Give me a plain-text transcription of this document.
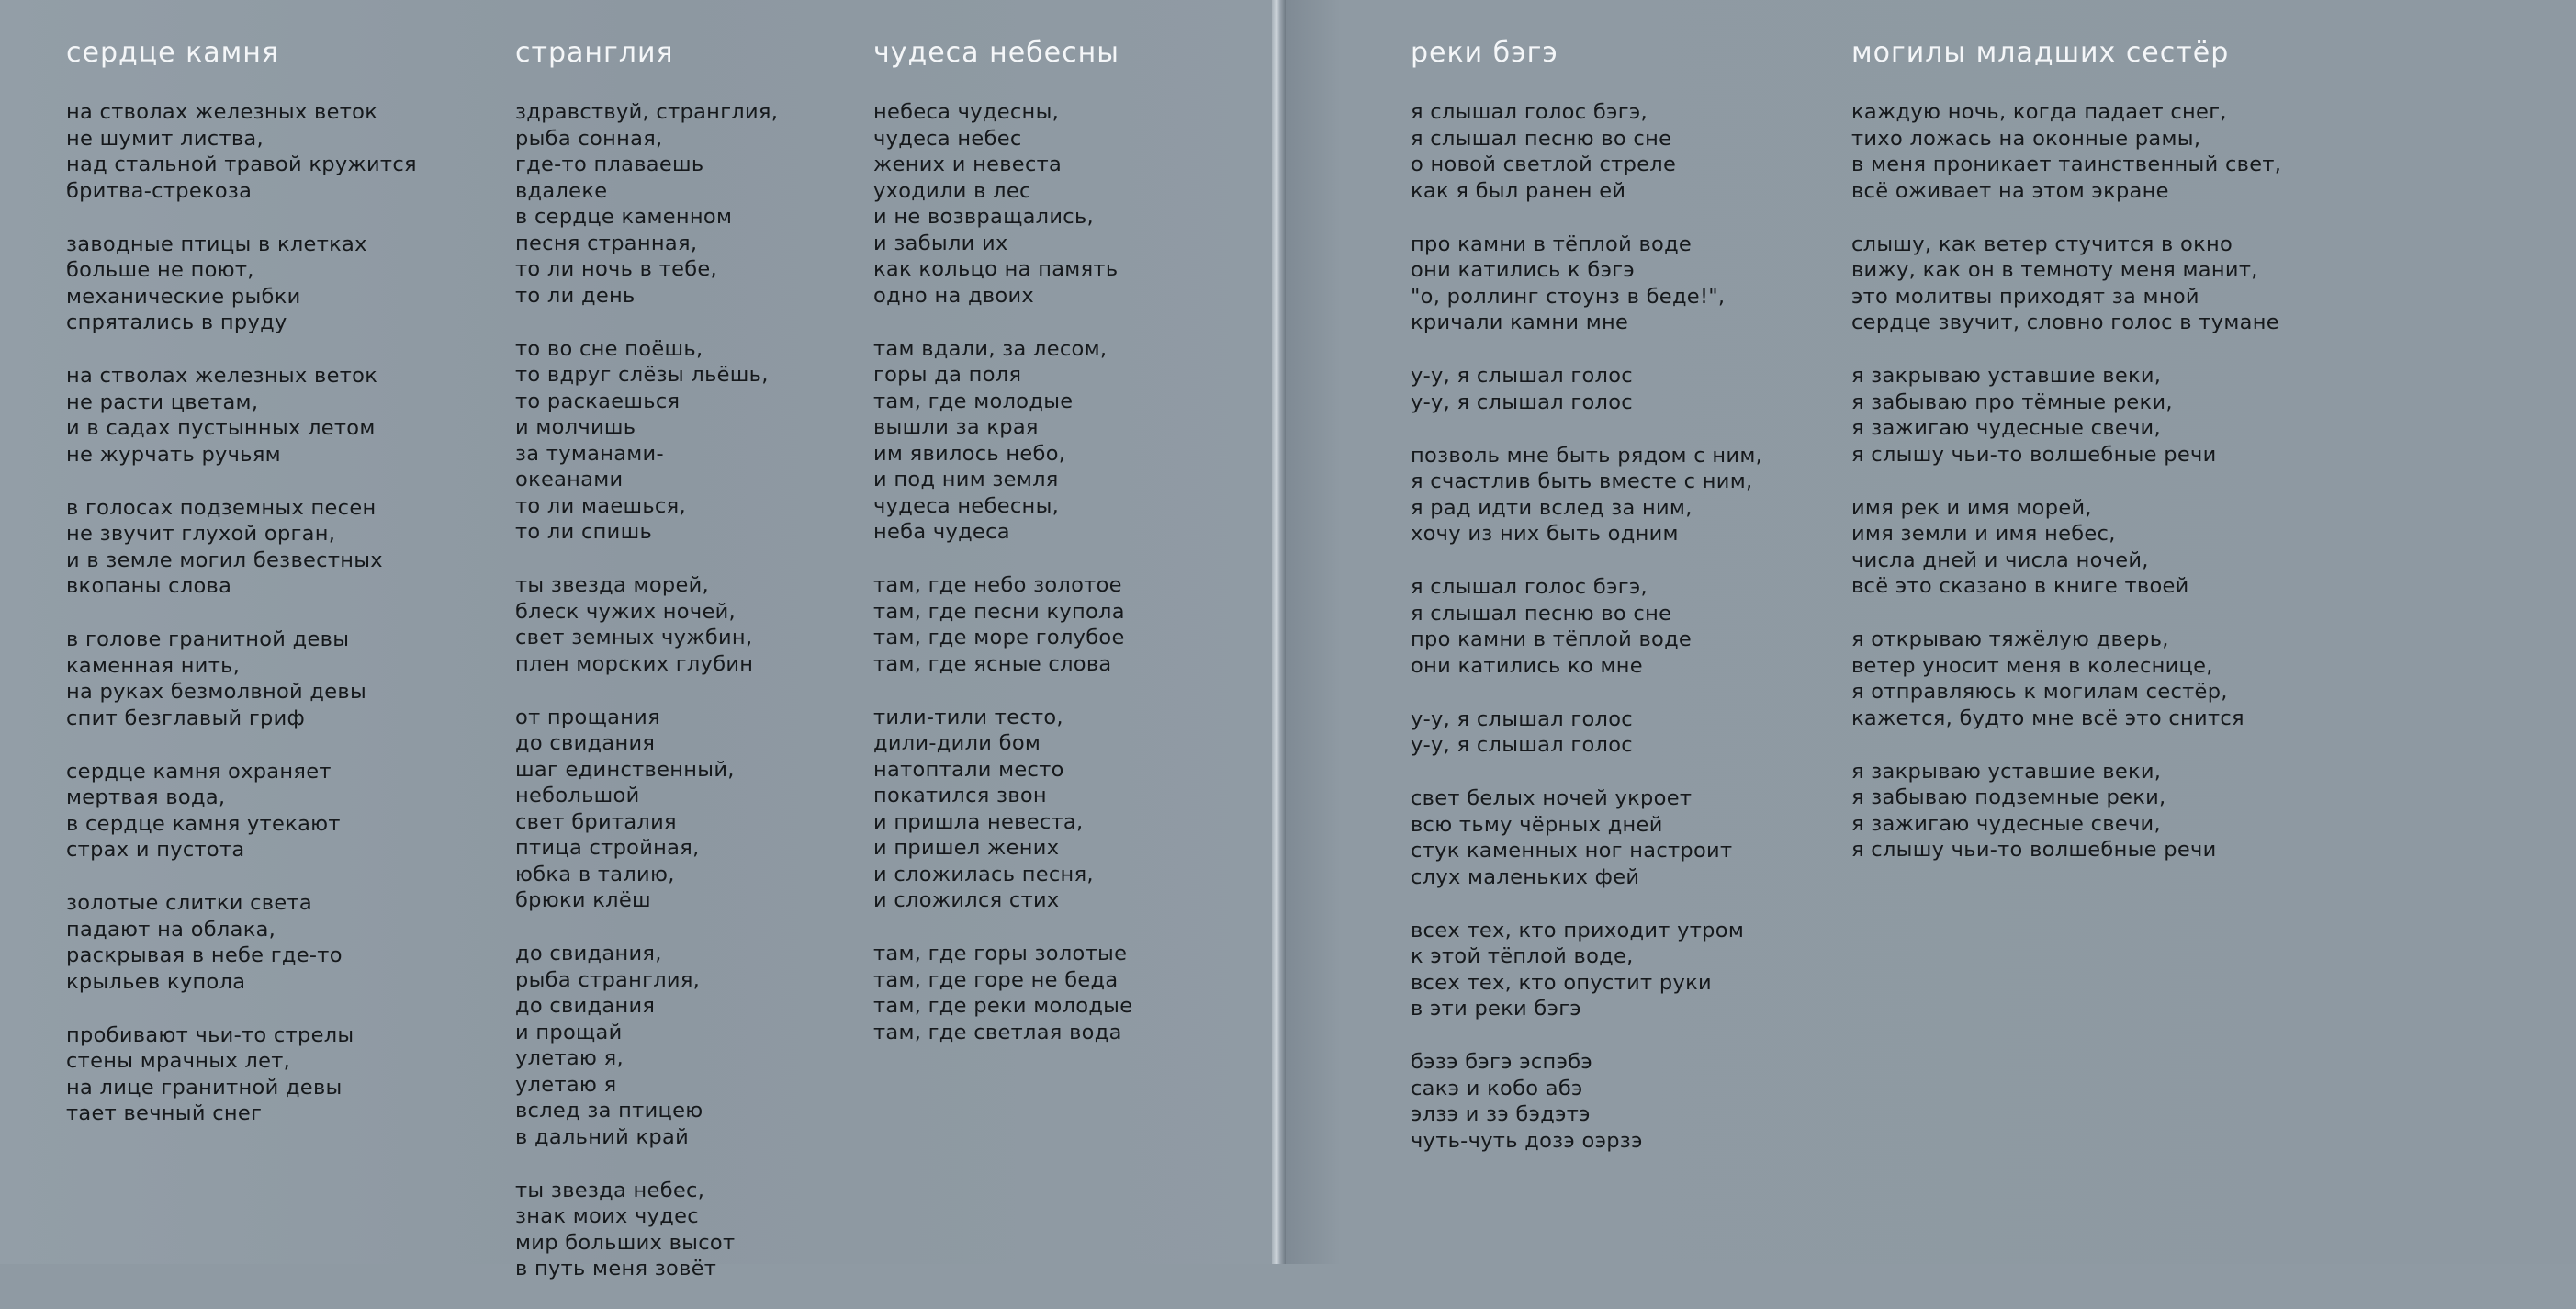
сердце камня
на стволах железных веток
не шумит листва,
над стальной травой кружится
бритва-стрекоза
заводные птицы в клетках
больше не поют,
механические рыбки
спрятались в пруду
на стволах железных веток
не расти цветам,
и в садах пустынных летом
не журчать ручьям
в голосах подземных песен
не звучит глухой орган,
и в земле могил безвестных
вкопаны слова
в голове гранитной девы
каменная нить,
на руках безмолвной девы
спит безглавый гриф
сердце камня охраняет
мертвая вода,
в сердце камня утекают
страх и пустота
золотые слитки света
падают на облака,
раскрывая в небе где-то
крыльев купола
пробивают чьи-то стрелы
стены мрачных лет,
на лице гранитной девы
тает вечный снег
странглия
здравствуй, странглия,
рыба сонная,
где-то плаваешь
вдалеке
в сердце каменном
песня странная,
то ли ночь в тебе,
то ли день
то во сне поёшь,
то вдруг слёзы льёшь,
то раскаешься
и молчишь
за туманами-
океанами
то ли маешься,
то ли спишь
ты звезда морей,
блеск чужих ночей,
свет земных чужбин,
плен морских глубин
от прощания
до свидания
шаг единственный,
небольшой
свет бриталия
птица стройная,
юбка в талию,
брюки клёш
до свидания,
рыба странглия,
до свидания
и прощай
улетаю я,
улетаю я
вслед за птицею
в дальний край
ты звезда небес,
знак моих чудес
мир больших высот
в путь меня зовёт
чудеса небесны
небеса чудесны,
чудеса небес
жених и невеста
уходили в лес
и не возвращались,
и забыли их
как кольцо на память
одно на двоих
там вдали, за лесом,
горы да поля
там, где молодые
вышли за края
им явилось небо,
и под ним земля
чудеса небесны,
неба чудеса
там, где небо золотое
там, где песни купола
там, где море голубое
там, где ясные слова
тили-тили тесто,
дили-дили бом
натоптали место
покатился звон
и пришла невеста,
и пришел жених
и сложилась песня,
и сложился стих
там, где горы золотые
там, где горе не беда
там, где реки молодые
там, где светлая вода
реки бэгэ
я слышал голос бэгэ,
я слышал песню во сне
о новой светлой стреле
как я был ранен ей
про камни в тёплой воде
они катились к бэгэ
"о, роллинг стоунз в беде!",
кричали камни мне
у-у, я слышал голос
у-у, я слышал голос
позволь мне быть рядом с ним,
я счастлив быть вместе с ним,
я рад идти вслед за ним,
хочу из них быть одним
я слышал голос бэгэ,
я слышал песню во сне
про камни в тёплой воде
они катились ко мне
у-у, я слышал голос
у-у, я слышал голос
свет белых ночей укроет
всю тьму чёрных дней
стук каменных ног настроит
слух маленьких фей
всех тех, кто приходит утром
к этой тёплой воде,
всех тех, кто опустит руки
в эти реки бэгэ
бэзэ бэгэ эспэбэ
сакэ и кобо абэ
элзэ и зэ бэдэтэ
чуть-чуть дозэ оэрзэ
могилы младших сестёр
каждую ночь, когда падает снег,
тихо ложась на оконные рамы,
в меня проникает таинственный свет,
всё оживает на этом экране
слышу, как ветер стучится в окно
вижу, как он в темноту меня манит,
это молитвы приходят за мной
сердце звучит, словно голос в тумане
я закрываю уставшие веки,
я забываю про тёмные реки,
я зажигаю чудесные свечи,
я слышу чьи-то волшебные речи
имя рек и имя морей,
имя земли и имя небес,
числа дней и числа ночей,
всё это сказано в книге твоей
я открываю тяжёлую дверь,
ветер уносит меня в колеснице,
я отправляюсь к могилам сестёр,
кажется, будто мне всё это снится
я закрываю уставшие веки,
я забываю подземные реки,
я зажигаю чудесные свечи,
я слышу чьи-то волшебные речи
